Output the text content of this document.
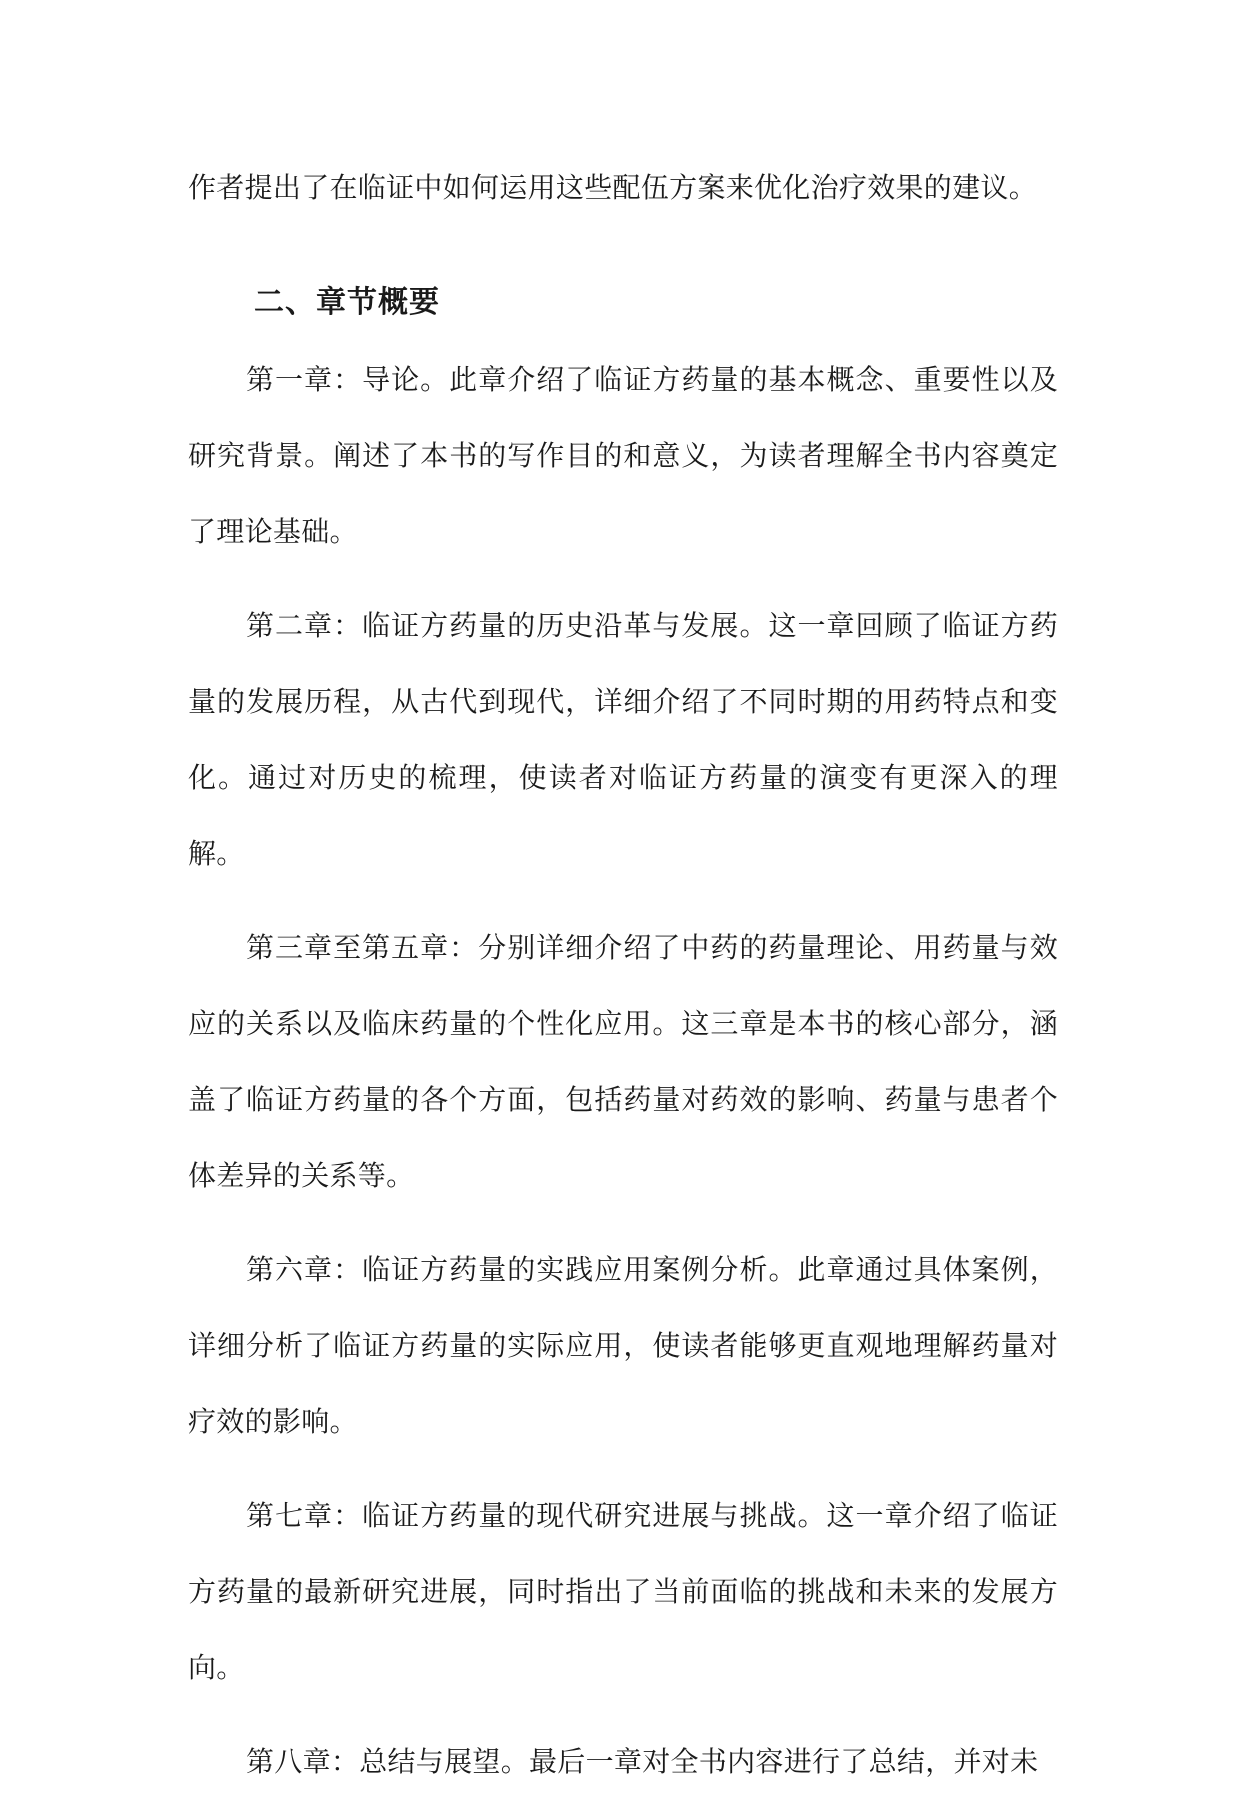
作者提出了在临证中如何运用这些配伍方案来优化治疗效果的建议。

二、章节概要

第一章：导论。此章介绍了临证方药量的基本概念、重要性以及研究背景。阐述了本书的写作目的和意义，为读者理解全书内容奠定了理论基础。

第二章：临证方药量的历史沿革与发展。这一章回顾了临证方药量的发展历程，从古代到现代，详细介绍了不同时期的用药特点和变化。通过对历史的梳理，使读者对临证方药量的演变有更深入的理解。

第三章至第五章：分别详细介绍了中药的药量理论、用药量与效应的关系以及临床药量的个性化应用。这三章是本书的核心部分，涵盖了临证方药量的各个方面，包括药量对药效的影响、药量与患者个体差异的关系等。

第六章：临证方药量的实践应用案例分析。此章通过具体案例，详细分析了临证方药量的实际应用，使读者能够更直观地理解药量对疗效的影响。

第七章：临证方药量的现代研究进展与挑战。这一章介绍了临证方药量的最新研究进展，同时指出了当前面临的挑战和未来的发展方向。

第八章：总结与展望。最后一章对全书内容进行了总结，并对未
